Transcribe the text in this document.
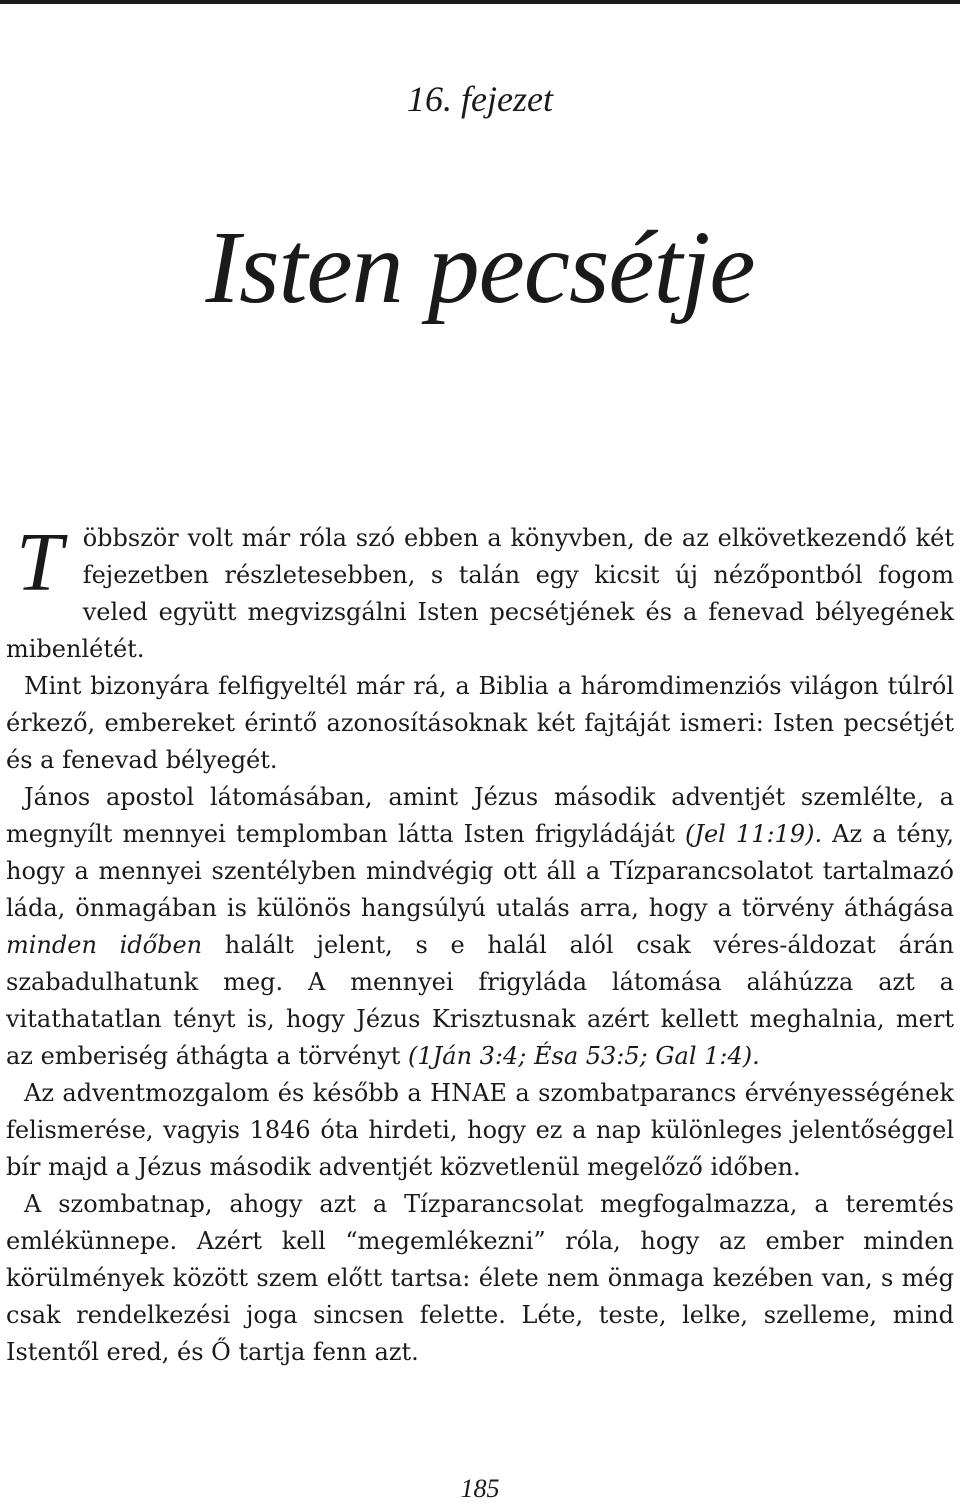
16. fejezet
Isten pecsétje

Többször volt már róla szó ebben a könyvben, de az elkövetkezendő két fejezetben részletesebben, s talán egy kicsit új nézőpontból fogom veled együtt megvizsgálni Isten pecsétjének és a fenevad bélyegének mibenlétét.

Mint bizonyára felfigyeltél már rá, a Biblia a háromdimenziós világon túlról érkező, embereket érintő azonosításoknak két fajtáját ismeri: Isten pecsétjét és a fenevad bélyegét.

János apostol látomásában, amint Jézus második adventjét szemlélte, a megnyílt mennyei templomban látta Isten frigyládáját (Jel 11:19). Az a tény, hogy a mennyei szentélyben mindvégig ott áll a Tízparancsolatot tartalmazó láda, önmagában is különös hangsúlyú utalás arra, hogy a törvény áthágása minden időben halált jelent, s e halál alól csak véres-áldozat árán szabadulhatunk meg. A mennyei frigyláda látomása aláhúzza azt a vitathatatlan tényt is, hogy Jézus Krisztusnak azért kellett meghalnia, mert az emberiség áthágta a törvényt (1Ján 3:4; Ésa 53:5; Gal 1:4).

Az adventmozgalom és később a HNAE a szombatparancs érvényességének felismerése, vagyis 1846 óta hirdeti, hogy ez a nap különleges jelentőséggel bír majd a Jézus második adventjét közvetlenül megelőző időben.

A szombatnap, ahogy azt a Tízparancsolat megfogalmazza, a teremtés emlékünnepe. Azért kell “megemlékezni” róla, hogy az ember minden körülmények között szem előtt tartsa: élete nem önmaga kezében van, s még csak rendelkezési joga sincsen felette. Léte, teste, lelke, szelleme, mind Istentől ered, és Ő tartja fenn azt.

185
